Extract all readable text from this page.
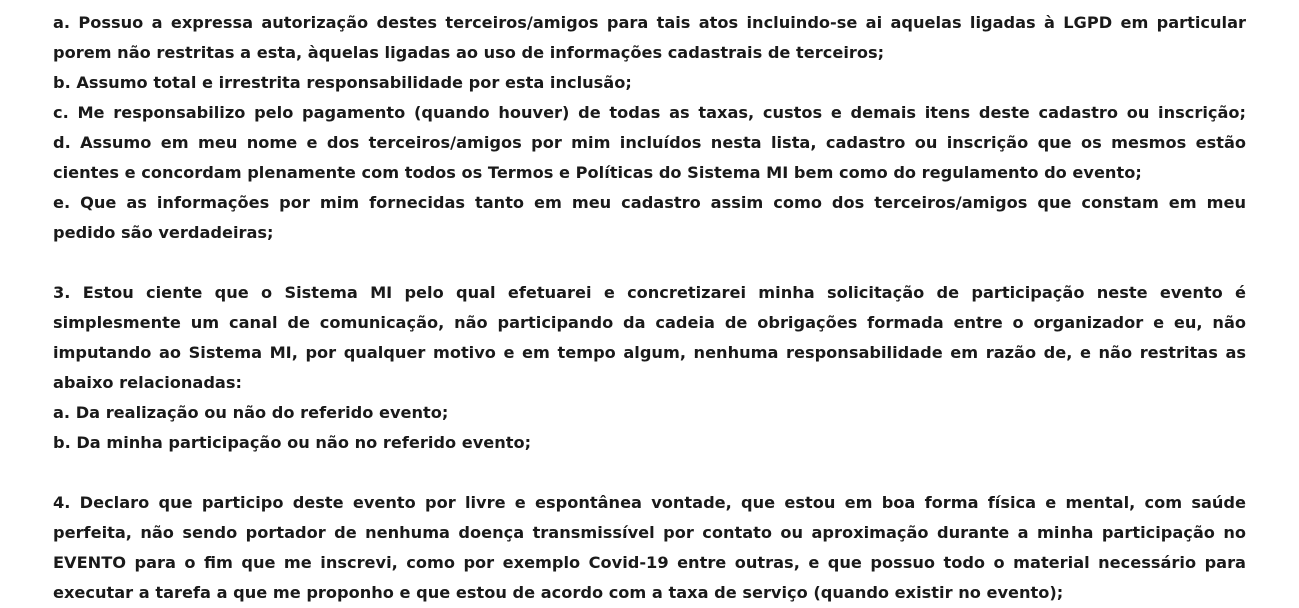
a. Possuo a expressa autorização destes terceiros/amigos para tais atos incluindo-se ai aquelas ligadas à LGPD em particular
porem não restritas a esta, àquelas ligadas ao uso de informações cadastrais de terceiros;
b. Assumo total e irrestrita responsabilidade por esta inclusão;
c. Me responsabilizo pelo pagamento (quando houver) de todas as taxas, custos e demais itens deste cadastro ou inscrição;
d. Assumo em meu nome e dos terceiros/amigos por mim incluídos nesta lista, cadastro ou inscrição que os mesmos estão
cientes e concordam plenamente com todos os Termos e Políticas do Sistema MI bem como do regulamento do evento;
e. Que as informações por mim fornecidas tanto em meu cadastro assim como dos terceiros/amigos que constam em meu
pedido são verdadeiras;
3. Estou ciente que o Sistema MI pelo qual efetuarei e concretizarei minha solicitação de participação neste evento é
simplesmente um canal de comunicação, não participando da cadeia de obrigações formada entre o organizador e eu, não
imputando ao Sistema MI, por qualquer motivo e em tempo algum, nenhuma responsabilidade em razão de, e não restritas as
abaixo relacionadas:
a. Da realização ou não do referido evento;
b. Da minha participação ou não no referido evento;
4. Declaro que participo deste evento por livre e espontânea vontade, que estou em boa forma física e mental, com saúde
perfeita, não sendo portador de nenhuma doença transmissível por contato ou aproximação durante a minha participação no
EVENTO para o fim que me inscrevi, como por exemplo Covid-19 entre outras, e que possuo todo o material necessário para
executar a tarefa a que me proponho e que estou de acordo com a taxa de serviço (quando existir no evento);
